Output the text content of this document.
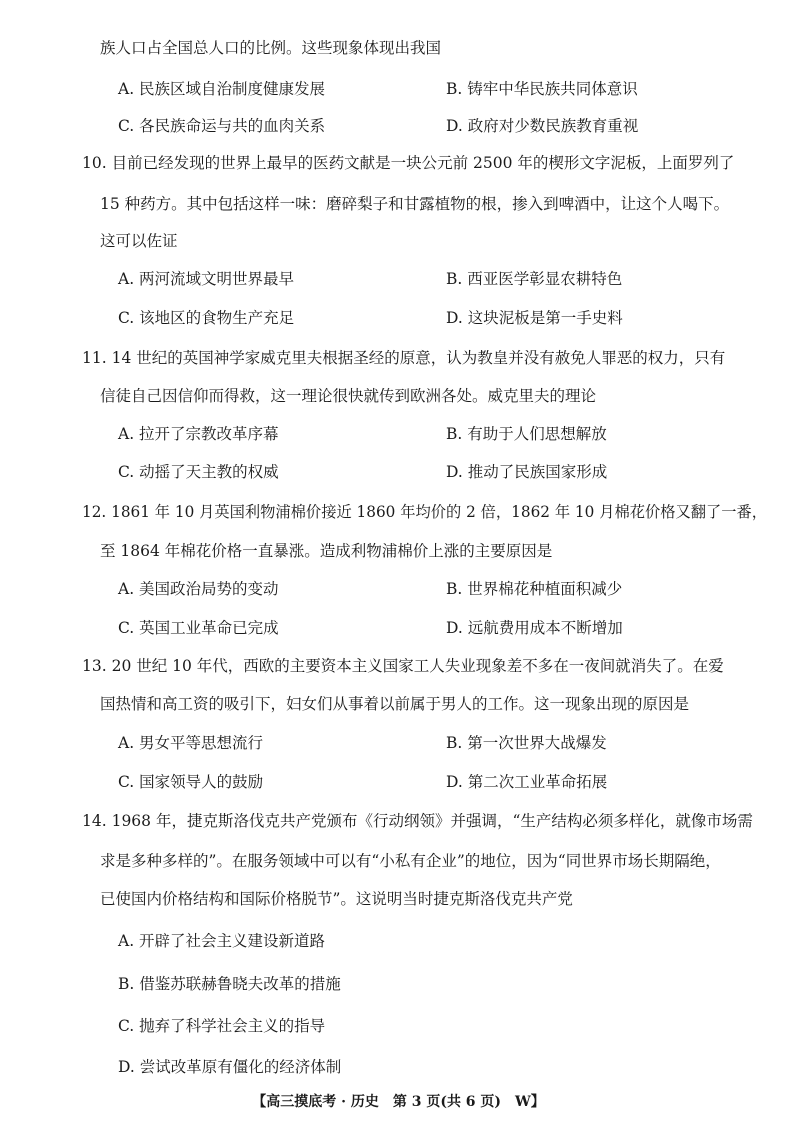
族人口占全国总人口的比例。这些现象体现出我国
A. 民族区域自治制度健康发展	B. 铸牢中华民族共同体意识
C. 各民族命运与共的血肉关系	D. 政府对少数民族教育重视
10. 目前已经发现的世界上最早的医药文献是一块公元前 2500 年的楔形文字泥板，上面罗列了
15 种药方。其中包括这样一味：磨碎梨子和甘露植物的根，掺入到啤酒中，让这个人喝下。
这可以佐证
A. 两河流域文明世界最早	B. 西亚医学彰显农耕特色
C. 该地区的食物生产充足	D. 这块泥板是第一手史料
11. 14 世纪的英国神学家威克里夫根据圣经的原意，认为教皇并没有赦免人罪恶的权力，只有
信徒自己因信仰而得救，这一理论很快就传到欧洲各处。威克里夫的理论
A. 拉开了宗教改革序幕	B. 有助于人们思想解放
C. 动摇了天主教的权威	D. 推动了民族国家形成
12. 1861 年 10 月英国利物浦棉价接近 1860 年均价的 2 倍，1862 年 10 月棉花价格又翻了一番，
至 1864 年棉花价格一直暴涨。造成利物浦棉价上涨的主要原因是
A. 美国政治局势的变动	B. 世界棉花种植面积减少
C. 英国工业革命已完成	D. 远航费用成本不断增加
13. 20 世纪 10 年代，西欧的主要资本主义国家工人失业现象差不多在一夜间就消失了。在爱
国热情和高工资的吸引下，妇女们从事着以前属于男人的工作。这一现象出现的原因是
A. 男女平等思想流行	B. 第一次世界大战爆发
C. 国家领导人的鼓励	D. 第二次工业革命拓展
14. 1968 年，捷克斯洛伐克共产党颁布《行动纲领》并强调，“生产结构必须多样化，就像市场需
求是多种多样的”。在服务领域中可以有“小私有企业”的地位，因为“同世界市场长期隔绝，
已使国内价格结构和国际价格脱节”。这说明当时捷克斯洛伐克共产党
A. 开辟了社会主义建设新道路
B. 借鉴苏联赫鲁晓夫改革的措施
C. 抛弃了科学社会主义的指导
D. 尝试改革原有僵化的经济体制
【高三摸底考 · 历史　第 3 页(共 6 页)　W】
